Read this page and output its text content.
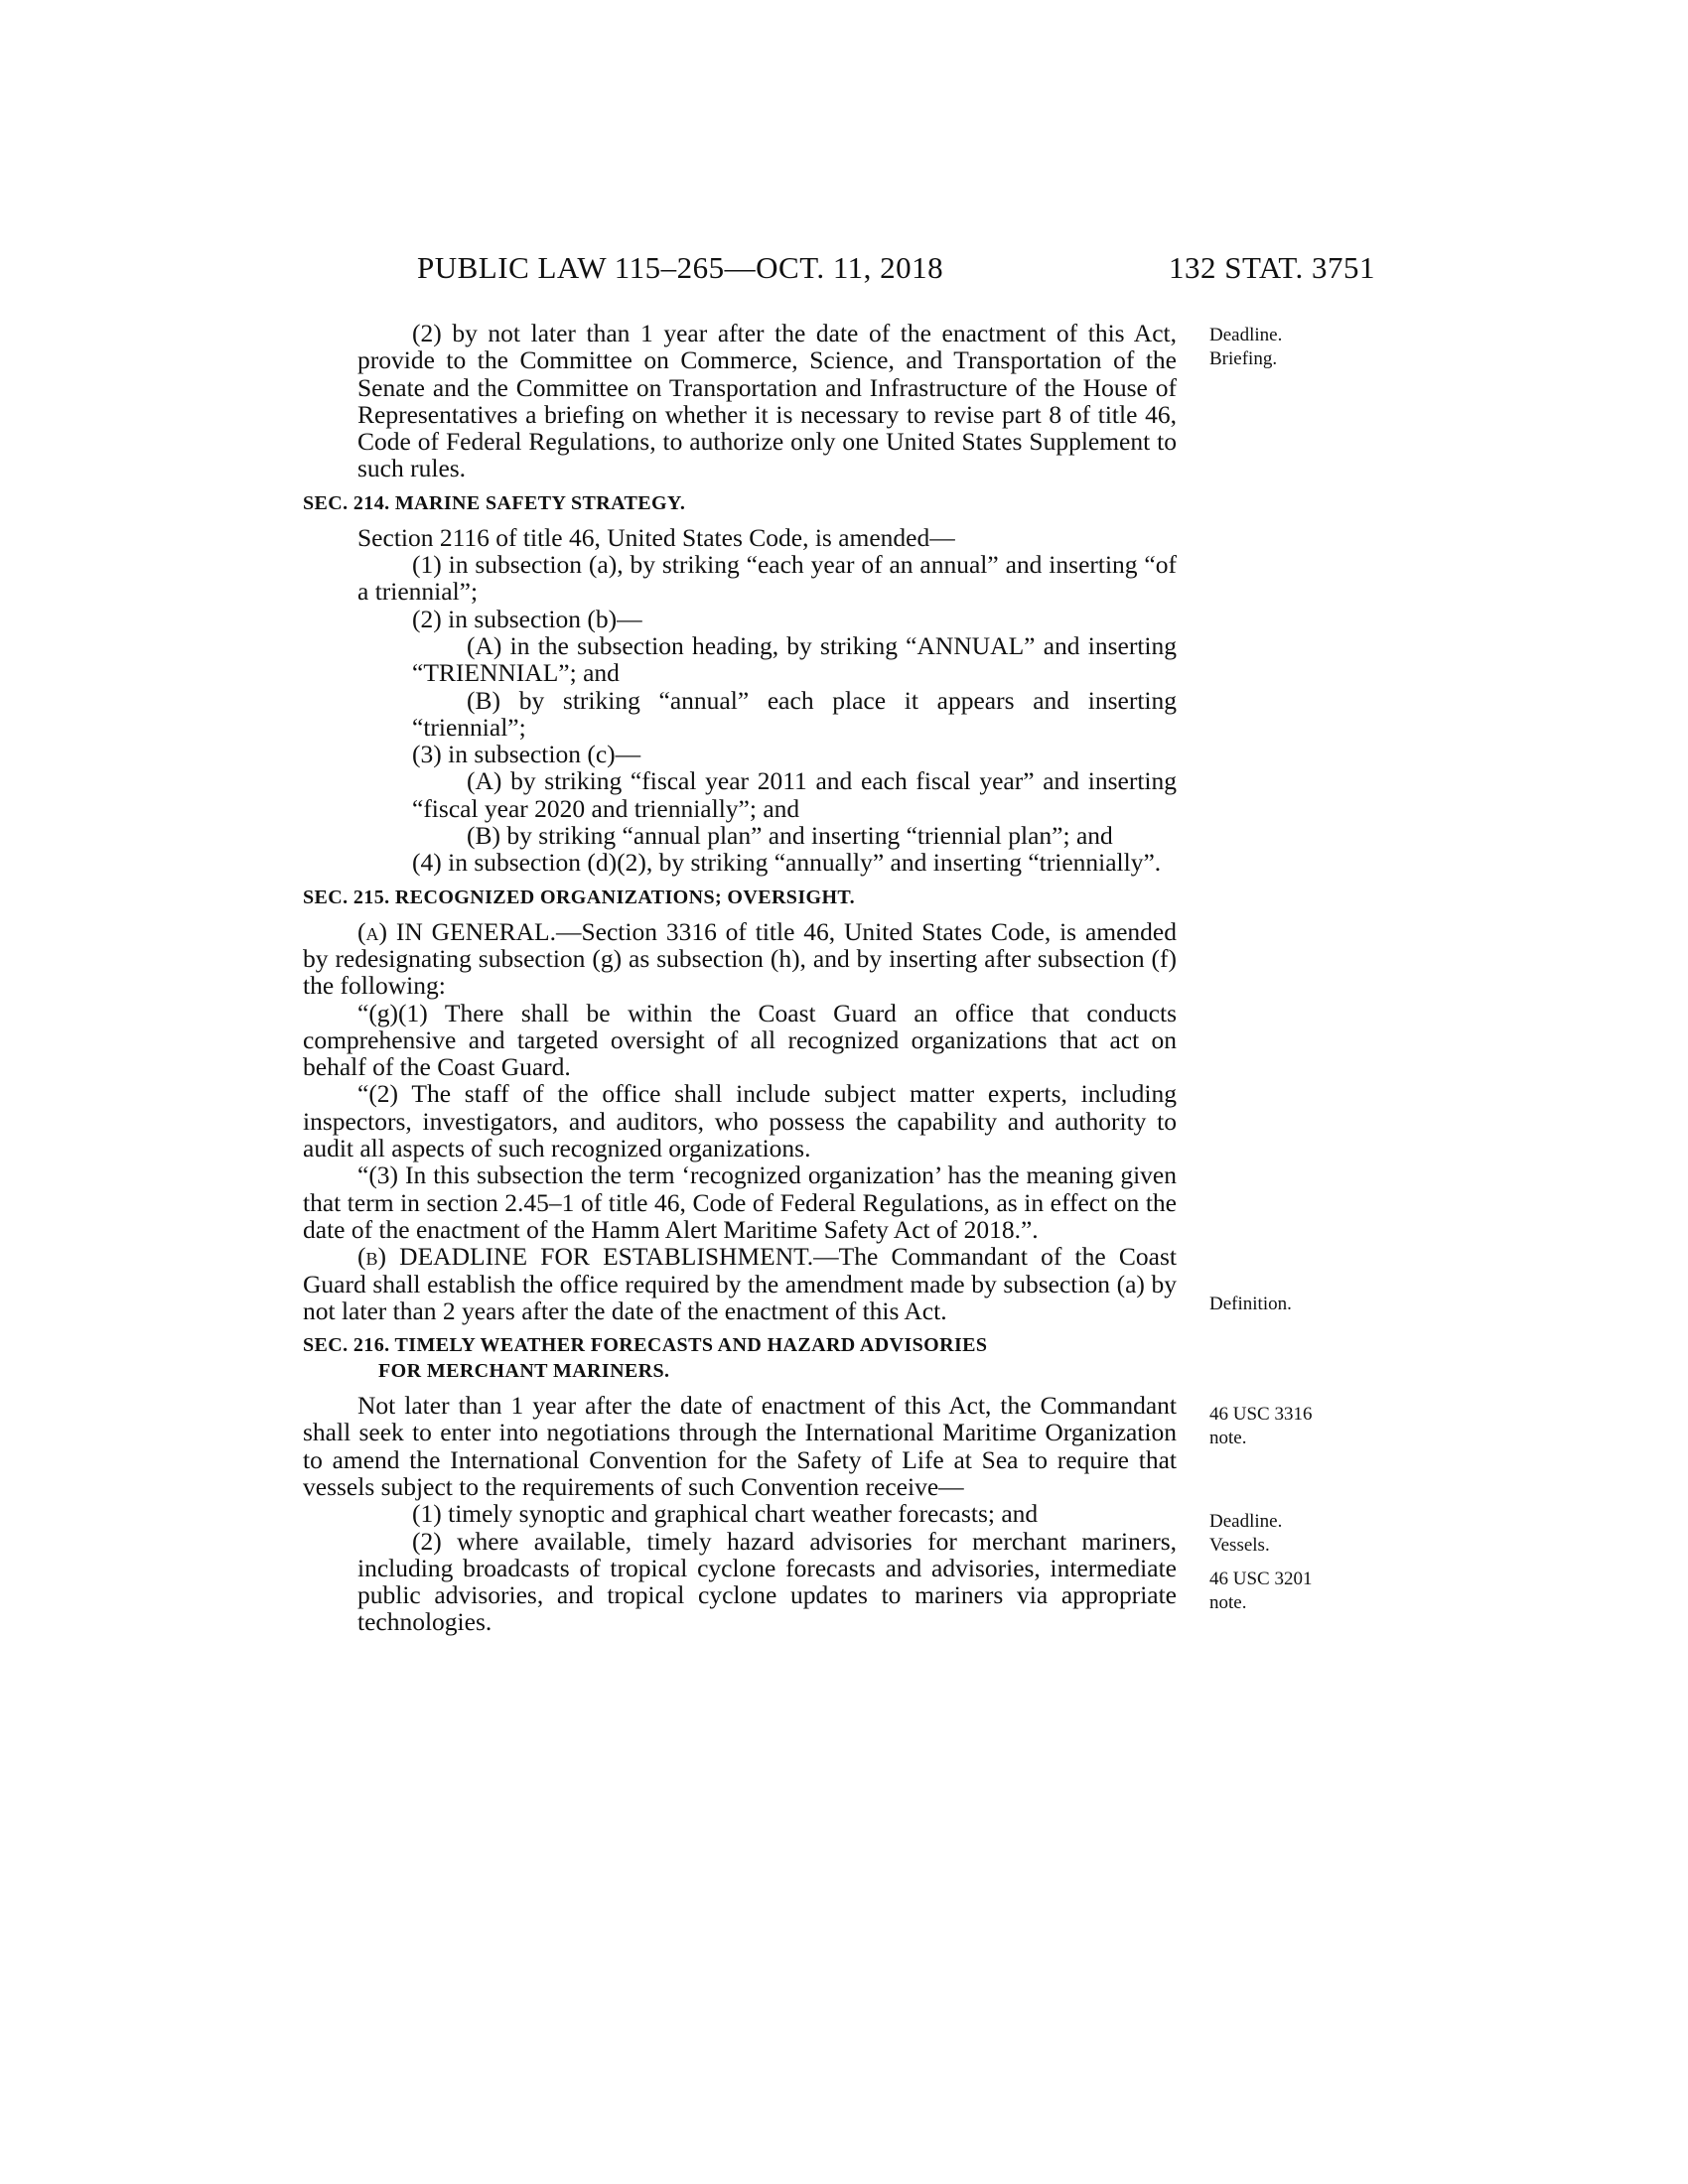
PUBLIC LAW 115–265—OCT. 11, 2018	132 STAT. 3751

(2) by not later than 1 year after the date of the enactment of this Act, provide to the Committee on Commerce, Science, and Transportation of the Senate and the Committee on Transportation and Infrastructure of the House of Representatives a briefing on whether it is necessary to revise part 8 of title 46, Code of Federal Regulations, to authorize only one United States Supplement to such rules.

SEC. 214. MARINE SAFETY STRATEGY.

Section 2116 of title 46, United States Code, is amended—

(1) in subsection (a), by striking “each year of an annual” and inserting “of a triennial”;

(2) in subsection (b)—

(A) in the subsection heading, by striking “ANNUAL” and inserting “TRIENNIAL”; and

(B) by striking “annual” each place it appears and inserting “triennial”;

(3) in subsection (c)—

(A) by striking “fiscal year 2011 and each fiscal year” and inserting “fiscal year 2020 and triennially”; and

(B) by striking “annual plan” and inserting “triennial plan”; and

(4) in subsection (d)(2), by striking “annually” and inserting “triennially”.

SEC. 215. RECOGNIZED ORGANIZATIONS; OVERSIGHT.

(a) IN GENERAL.—Section 3316 of title 46, United States Code, is amended by redesignating subsection (g) as subsection (h), and by inserting after subsection (f) the following:

“(g)(1) There shall be within the Coast Guard an office that conducts comprehensive and targeted oversight of all recognized organizations that act on behalf of the Coast Guard.

“(2) The staff of the office shall include subject matter experts, including inspectors, investigators, and auditors, who possess the capability and authority to audit all aspects of such recognized organizations.

“(3) In this subsection the term ‘recognized organization’ has the meaning given that term in section 2.45–1 of title 46, Code of Federal Regulations, as in effect on the date of the enactment of the Hamm Alert Maritime Safety Act of 2018.”.

(b) DEADLINE FOR ESTABLISHMENT.—The Commandant of the Coast Guard shall establish the office required by the amendment made by subsection (a) by not later than 2 years after the date of the enactment of this Act.

SEC. 216. TIMELY WEATHER FORECASTS AND HAZARD ADVISORIES
FOR MERCHANT MARINERS.

Not later than 1 year after the date of enactment of this Act, the Commandant shall seek to enter into negotiations through the International Maritime Organization to amend the International Convention for the Safety of Life at Sea to require that vessels subject to the requirements of such Convention receive—

(1) timely synoptic and graphical chart weather forecasts; and

(2) where available, timely hazard advisories for merchant mariners, including broadcasts of tropical cyclone forecasts and advisories, intermediate public advisories, and tropical cyclone updates to mariners via appropriate technologies.

Deadline.
Briefing.
Definition.
46 USC 3316
note.
Deadline.
Vessels.
46 USC 3201
note.
